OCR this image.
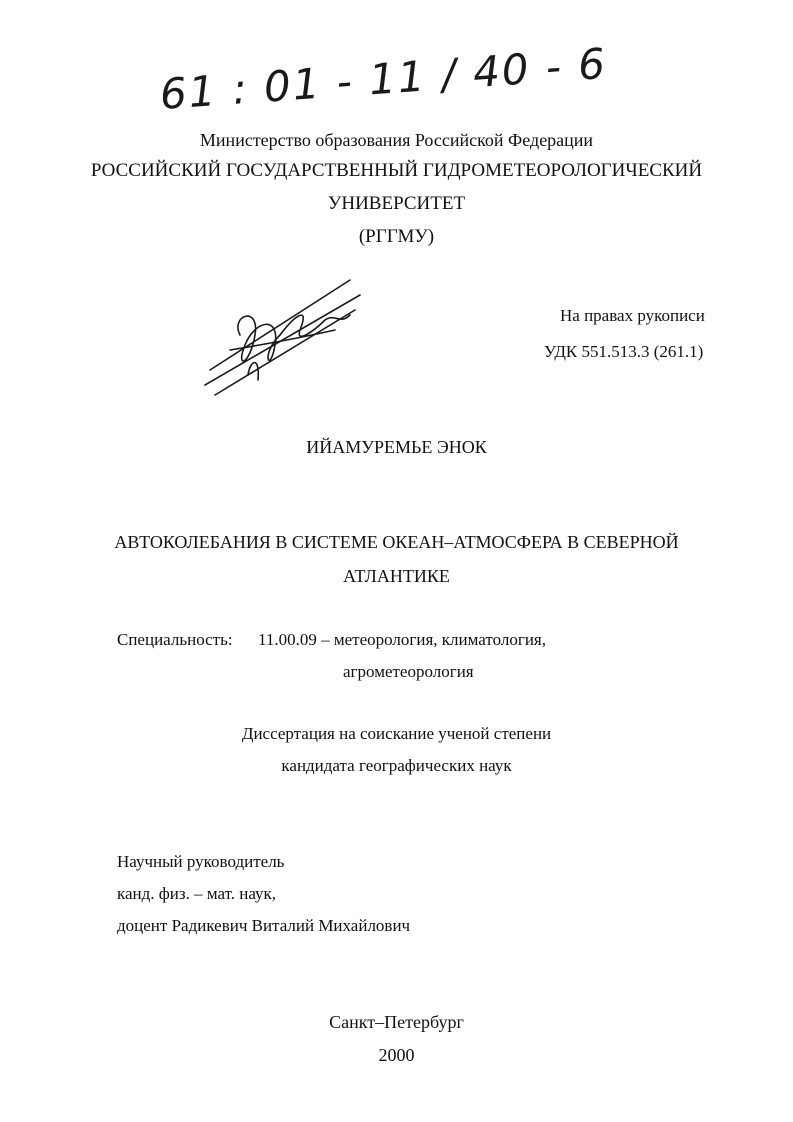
61 : 01 - 11 / 40 - 6
Министерство образования Российской Федерации
РОССИЙСКИЙ ГОСУДАРСТВЕННЫЙ ГИДРОМЕТЕОРОЛОГИЧЕСКИЙ
УНИВЕРСИТЕТ
(РГГМУ)
На правах рукописи
УДК 551.513.3 (261.1)
ИЙАМУРЕМЬЕ ЭНОК
АВТОКОЛЕБАНИЯ В СИСТЕМЕ ОКЕАН–АТМОСФЕРА В СЕВЕРНОЙ
АТЛАНТИКЕ
Специальность: 11.00.09 – метеорология, климатология,
агрометеорология
Диссертация на соискание ученой степени
кандидата географических наук
Научный руководитель
канд. физ. – мат. наук,
доцент Радикевич Виталий Михайлович
Санкт–Петербург
2000
